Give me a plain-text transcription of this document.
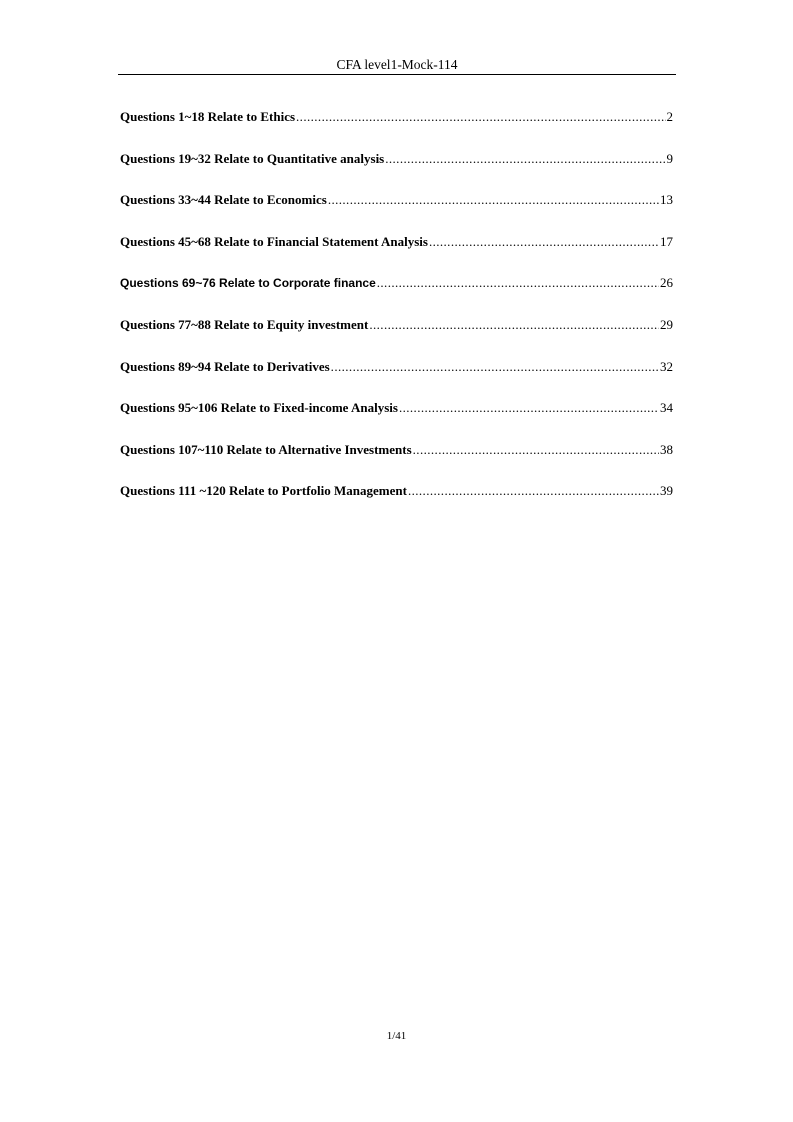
CFA level1-Mock-114
Questions 1~18 Relate to Ethics .....	2
Questions 19~32 Relate to Quantitative analysis .....	9
Questions 33~44 Relate to Economics .....	13
Questions 45~68 Relate to Financial Statement Analysis .....	17
Questions 69~76 Relate to Corporate finance .....	26
Questions 77~88 Relate to Equity investment .....	29
Questions 89~94 Relate to Derivatives .....	32
Questions 95~106 Relate to Fixed-income Analysis .....	34
Questions 107~110 Relate to Alternative Investments .....	38
Questions 111 ~120 Relate to Portfolio Management .....	39
1/41
